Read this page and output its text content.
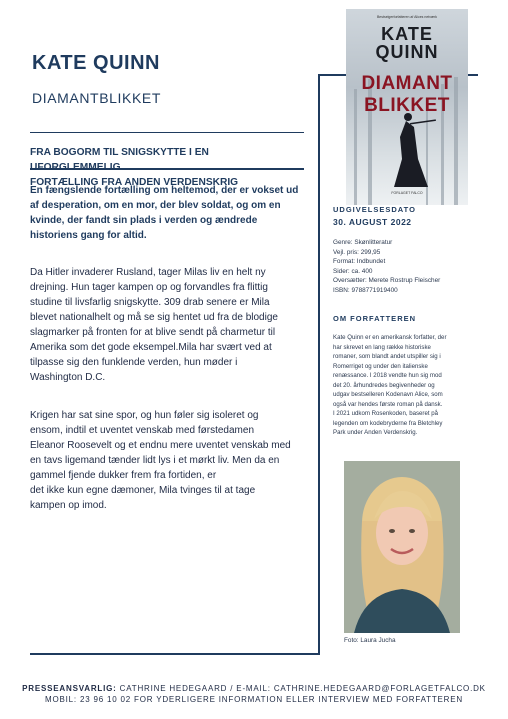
KATE QUINN
DIAMANTBLIKKET
Bestselgerforfatteren af Alices netværk
KATE
QUINN
DIAMANT
BLIKKET
FORLAGET FALCO
FRA BOGORM TIL SNIGSKYTTE I EN UFORGLEMMELIG
FORTÆLLING FRA ANDEN VERDENSKRIG
En fængslende fortælling om heltemod, der er vokset ud
af desperation, om en mor, der blev soldat, og om en
kvinde, der fandt sin plads i verden og ændrede
historiens gang for altid.
Da Hitler invaderer Rusland, tager Milas liv en helt ny
drejning. Hun tager kampen op og forvandles fra flittig
studine til livsfarlig snigskytte. 309 drab senere er Mila
blevet nationalhelt og må se sig hentet ud fra de blodige
slagmarker på fronten for at blive sendt på charmetur til
Amerika som det gode eksempel.Mila har svært ved at
tilpasse sig den funklende verden, hun møder i
Washington D.C.
Krigen har sat sine spor, og hun føler sig isoleret og
ensom, indtil et uventet venskab med førstedamen
Eleanor Roosevelt og et endnu mere uventet venskab med
en tavs ligemand tænder lidt lys i et mørkt liv. Men da en
gammel fjende dukker frem fra fortiden, er
det ikke kun egne dæmoner, Mila tvinges til at tage
kampen op imod.
UDGIVELSESDATO
30. AUGUST 2022
Genre: Skønlitteratur
Vejl. pris: 299,95
Format: Indbundet
Sider: ca. 400
Oversætter: Merete Rostrup Fleischer
ISBN: 9788771919400
OM FORFATTEREN
Kate Quinn er en amerikansk forfatter, der
har skrevet en lang række historiske
romaner, som blandt andet utspiller sig i
Romerriget og under den italienske
renæssance. I 2018 vendte hun sig mod
det 20. århundredes begivenheder og
udgav bestselleren Kodenavn Alice, som
også var hendes første roman på dansk.
I 2021 udkom Rosenkoden, baseret på
legenden om kodebryderne fra Bletchley
Park under Anden Verdenskrig.
Foto: Laura Jucha
PRESSEANSVARLIG: CATHRINE HEDEGAARD / E-MAIL: CATHRINE.HEDEGAARD@FORLAGETFALCO.DK
MOBIL: 23 96 10 02 FOR YDERLIGERE INFORMATION ELLER INTERVIEW MED FORFATTEREN
